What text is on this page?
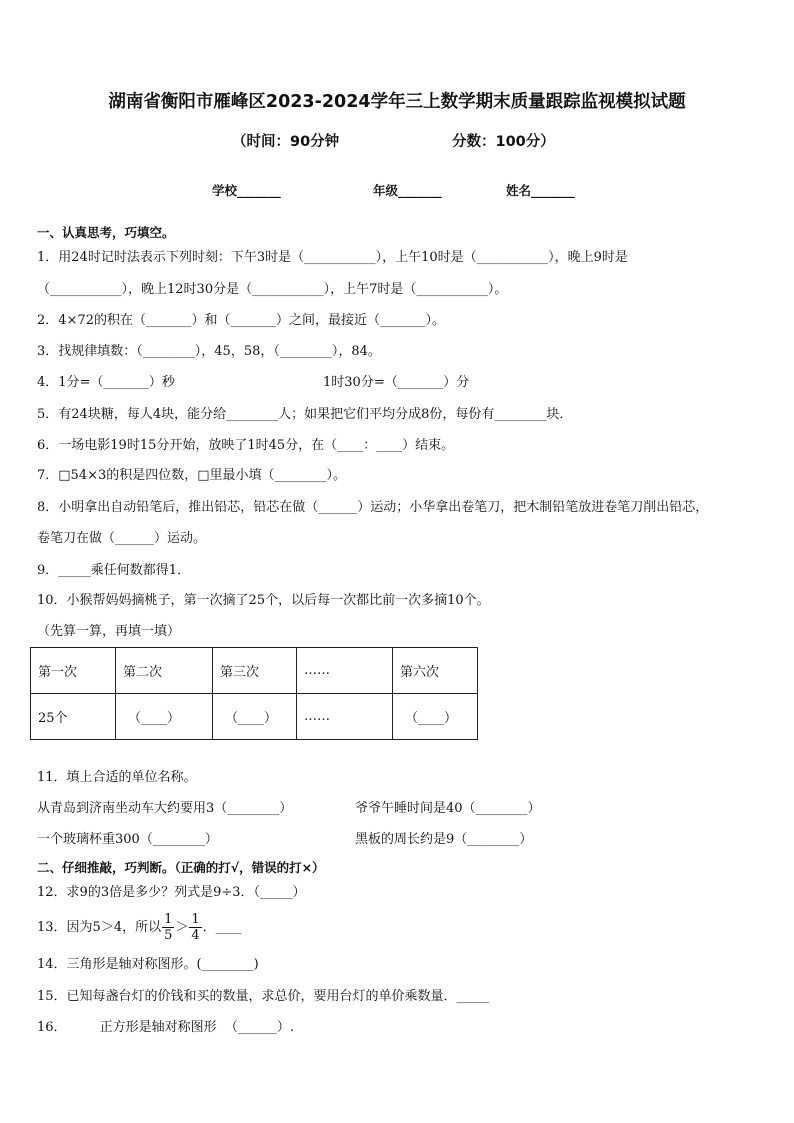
湖南省衡阳市雁峰区2023-2024学年三上数学期末质量跟踪监视模拟试题
（时间：90分钟	分数：100分）
学校_______	年级_______	姓名_______
一、认真思考，巧填空。
1．用24时记时法表示下列时刻：下午3时是（___________），上午10时是（___________），晚上9时是
（___________），晚上12时30分是（___________），上午7时是（___________）。
2．4×72的积在（_______）和（_______）之间，最接近（_______）。
3．找规律填数：（________），45，58，（________），84。
4．1分=（_______）秒	1时30分=（_______）分
5．有24块糖，每人4块，能分给________人；如果把它们平均分成8份，每份有________块．
6．一场电影19时15分开始，放映了1时45分，在（____：____）结束。
7．□54×3的积是四位数，□里最小填（________）。
8．小明拿出自动铅笔后，推出铅芯，铅芯在做（______）运动；小华拿出卷笔刀，把木制铅笔放进卷笔刀削出铅芯，
卷笔刀在做（______）运动。
9．_____乘任何数都得1．
10．小猴帮妈妈摘桃子，第一次摘了25个，以后每一次都比前一次多摘10个。
（先算一算，再填一填）
第一次	第二次	第三次	……	第六次
25个	（____）	（____）	……	（____）
11．填上合适的单位名称。
从青岛到济南坐动车大约要用3（________）	爷爷午睡时间是40（________）
一个玻璃杯重300（________）	黑板的周长约是9（________）
二、仔细推敲，巧判断。（正确的打√，错误的打×）
12．求9的3倍是多少？列式是9÷3．（_____）
13．因为5＞4，所以 $\frac{1}{5} > \frac{1}{4}$ ．____
14．三角形是轴对称图形。(________)
15．已知每盏台灯的价钱和买的数量，求总价，要用台灯的单价乘数量．_____
16．        正方形是轴对称图形  （______）.
